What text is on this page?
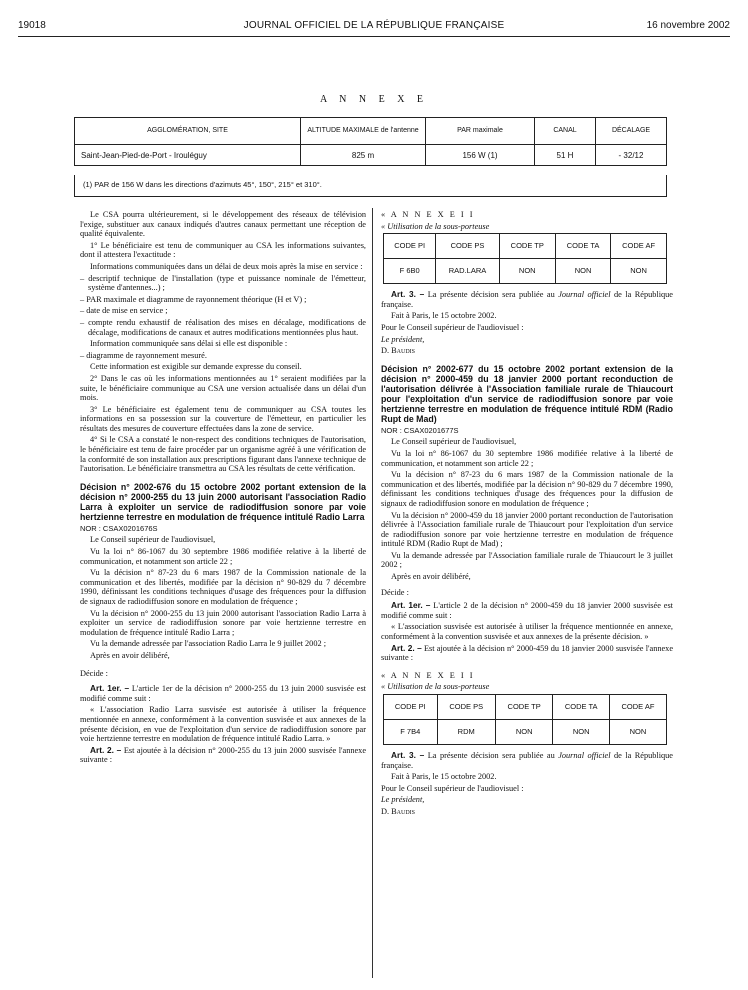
19018	JOURNAL OFFICIEL DE LA RÉPUBLIQUE FRANÇAISE	16 novembre 2002
A N N E X E
AGGLOMÉRATION, SITE	ALTITUDE MAXIMALE de l'antenne	PAR maximale	CANAL	DÉCALAGE
Saint-Jean-Pied-de-Port - Irouléguy	825 m	156 W (1)	51 H	- 32/12
(1) PAR de 156 W dans les directions d'azimuts 45°, 150°, 215° et 310°.

Le CSA pourra ultérieurement, si le développement des réseaux de télévision l'exige, substituer aux canaux indiqués d'autres canaux permettant une réception de qualité équivalente.

1° Le bénéficiaire est tenu de communiquer au CSA les informations suivantes, dont il attestera l'exactitude :

Informations communiquées dans un délai de deux mois après la mise en service :

– descriptif technique de l'installation (type et puissance nominale de l'émetteur, système d'antennes...) ;

– PAR maximale et diagramme de rayonnement théorique (H et V) ;

– date de mise en service ;

– compte rendu exhaustif de réalisation des mises en décalage, modifications de décalage, modifications de canaux et autres modifications mentionnées plus haut.

Information communiquée sans délai si elle est disponible :

– diagramme de rayonnement mesuré.

Cette information est exigible sur demande expresse du conseil.

2° Dans le cas où les informations mentionnées au 1° seraient modifiées par la suite, le bénéficiaire communique au CSA une version actualisée dans un délai d'un mois.

3° Le bénéficiaire est également tenu de communiquer au CSA toutes les informations en sa possession sur la couverture de l'émetteur, en particulier les résultats des mesures de couverture effectuées dans la zone de service.

4° Si le CSA a constaté le non-respect des conditions techniques de l'autorisation, le bénéficiaire est tenu de faire procéder par un organisme agréé à une vérification de la conformité de son installation aux prescriptions figurant dans l'annexe technique de l'autorisation. Le bénéficiaire transmettra au CSA les résultats de cette vérification.

Décision n° 2002-676 du 15 octobre 2002 portant extension de la décision n° 2000-255 du 13 juin 2000 autorisant l'association Radio Larra à exploiter un service de radiodiffusion sonore par voie hertzienne terrestre en modulation de fréquence intitulé Radio Larra

NOR : CSAX0201676S

Le Conseil supérieur de l'audiovisuel,

Vu la loi n° 86-1067 du 30 septembre 1986 modifiée relative à la liberté de communication, et notamment son article 22 ;

Vu la décision n° 87-23 du 6 mars 1987 de la Commission nationale de la communication et des libertés, modifiée par la décision n° 90-829 du 7 décembre 1990, définissant les conditions techniques d'usage des fréquences pour la diffusion de signaux de radiodiffusion sonore en modulation de fréquence ;

Vu la décision n° 2000-255 du 13 juin 2000 autorisant l'association Radio Larra à exploiter un service de radiodiffusion sonore par voie hertzienne terrestre en modulation de fréquence intitulé Radio Larra ;

Vu la demande adressée par l'association Radio Larra le 9 juillet 2002 ;

Après en avoir délibéré,

Décide :

Art. 1er. – L'article 1er de la décision n° 2000-255 du 13 juin 2000 susvisée est modifié comme suit :

« L'association Radio Larra susvisée est autorisée à utiliser la fréquence mentionnée en annexe, conformément à la convention susvisée et aux annexes de la présente décision, en vue de l'exploitation d'un service de radiodiffusion sonore par voie hertzienne terrestre en modulation de fréquence intitulé Radio Larra. »

Art. 2. – Est ajoutée à la décision n° 2000-255 du 13 juin 2000 susvisée l'annexe suivante :

« A N N E X E I I

« Utilisation de la sous-porteuse

CODE PI	CODE PS	CODE TP	CODE TA	CODE AF
F 6B0	RAD.LARA	NON	NON	NON

Art. 3. – La présente décision sera publiée au Journal officiel de la République française.

Fait à Paris, le 15 octobre 2002.

Pour le Conseil supérieur de l'audiovisuel :

Le président,

D. Baudis

Décision n° 2002-677 du 15 octobre 2002 portant extension de la décision n° 2000-459 du 18 janvier 2000 portant reconduction de l'autorisation délivrée à l'Association familiale rurale de Thiaucourt pour l'exploitation d'un service de radiodiffusion sonore par voie hertzienne terrestre en modulation de fréquence intitulé RDM (Radio Rupt de Mad)

NOR : CSAX0201677S

Le Conseil supérieur de l'audiovisuel,

Vu la loi n° 86-1067 du 30 septembre 1986 modifiée relative à la liberté de communication, et notamment son article 22 ;

Vu la décision n° 87-23 du 6 mars 1987 de la Commission nationale de la communication et des libertés, modifiée par la décision n° 90-829 du 7 décembre 1990, définissant les conditions techniques d'usage des fréquences pour la diffusion de signaux de radiodiffusion sonore en modulation de fréquence ;

Vu la décision n° 2000-459 du 18 janvier 2000 portant reconduction de l'autorisation délivrée à l'Association familiale rurale de Thiaucourt pour l'exploitation d'un service de radiodiffusion sonore par voie hertzienne terrestre en modulation de fréquence intitulé RDM (Radio Rupt de Mad) ;

Vu la demande adressée par l'Association familiale rurale de Thiaucourt le 3 juillet 2002 ;

Après en avoir délibéré,

Décide :

Art. 1er. – L'article 2 de la décision n° 2000-459 du 18 janvier 2000 susvisée est modifié comme suit :

« L'association susvisée est autorisée à utiliser la fréquence mentionnée en annexe, conformément à la convention susvisée et aux annexes de la présente décision. »

Art. 2. – Est ajoutée à la décision n° 2000-459 du 18 janvier 2000 susvisée l'annexe suivante :

« A N N E X E I I

« Utilisation de la sous-porteuse

CODE PI	CODE PS	CODE TP	CODE TA	CODE AF
F 7B4	RDM	NON	NON	NON

Art. 3. – La présente décision sera publiée au Journal officiel de la République française.

Fait à Paris, le 15 octobre 2002.

Pour le Conseil supérieur de l'audiovisuel :

Le président,

D. Baudis
